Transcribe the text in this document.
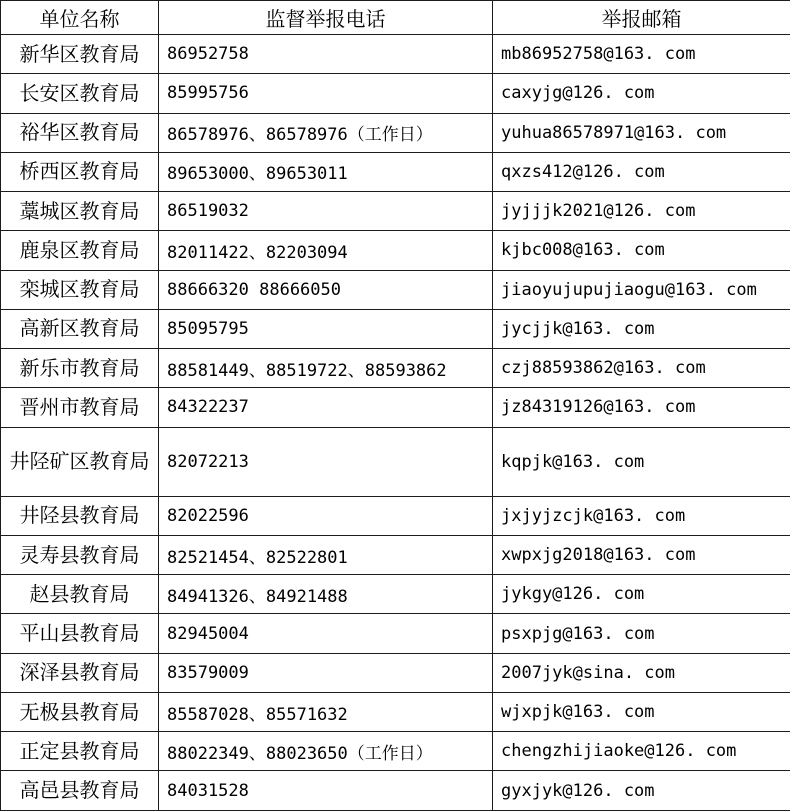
单位名称	监督举报电话	举报邮箱
新华区教育局	86952758	mb86952758@163. com
长安区教育局	85995756	caxyjg@126. com
裕华区教育局	86578976、86578976（工作日）	yuhua86578971@163. com
桥西区教育局	89653000、89653011	qxzs412@126. com
藁城区教育局	86519032	jyjjjk2021@126. com
鹿泉区教育局	82011422、82203094	kjbc008@163. com
栾城区教育局	88666320 88666050	jiaoyujupujiaogu@163. com
高新区教育局	85095795	jycjjk@163. com
新乐市教育局	88581449、88519722、88593862	czj88593862@163. com
晋州市教育局	84322237	jz84319126@163. com
井陉矿区教育局	82072213	kqpjk@163. com
井陉县教育局	82022596	jxjyjzcjk@163. com
灵寿县教育局	82521454、82522801	xwpxjg2018@163. com
赵县教育局	84941326、84921488	jykgy@126. com
平山县教育局	82945004	psxpjg@163. com
深泽县教育局	83579009	2007jyk@sina. com
无极县教育局	85587028、85571632	wjxpjk@163. com
正定县教育局	88022349、88023650（工作日）	chengzhijiaoke@126. com
高邑县教育局	84031528	gyxjyk@126. com
